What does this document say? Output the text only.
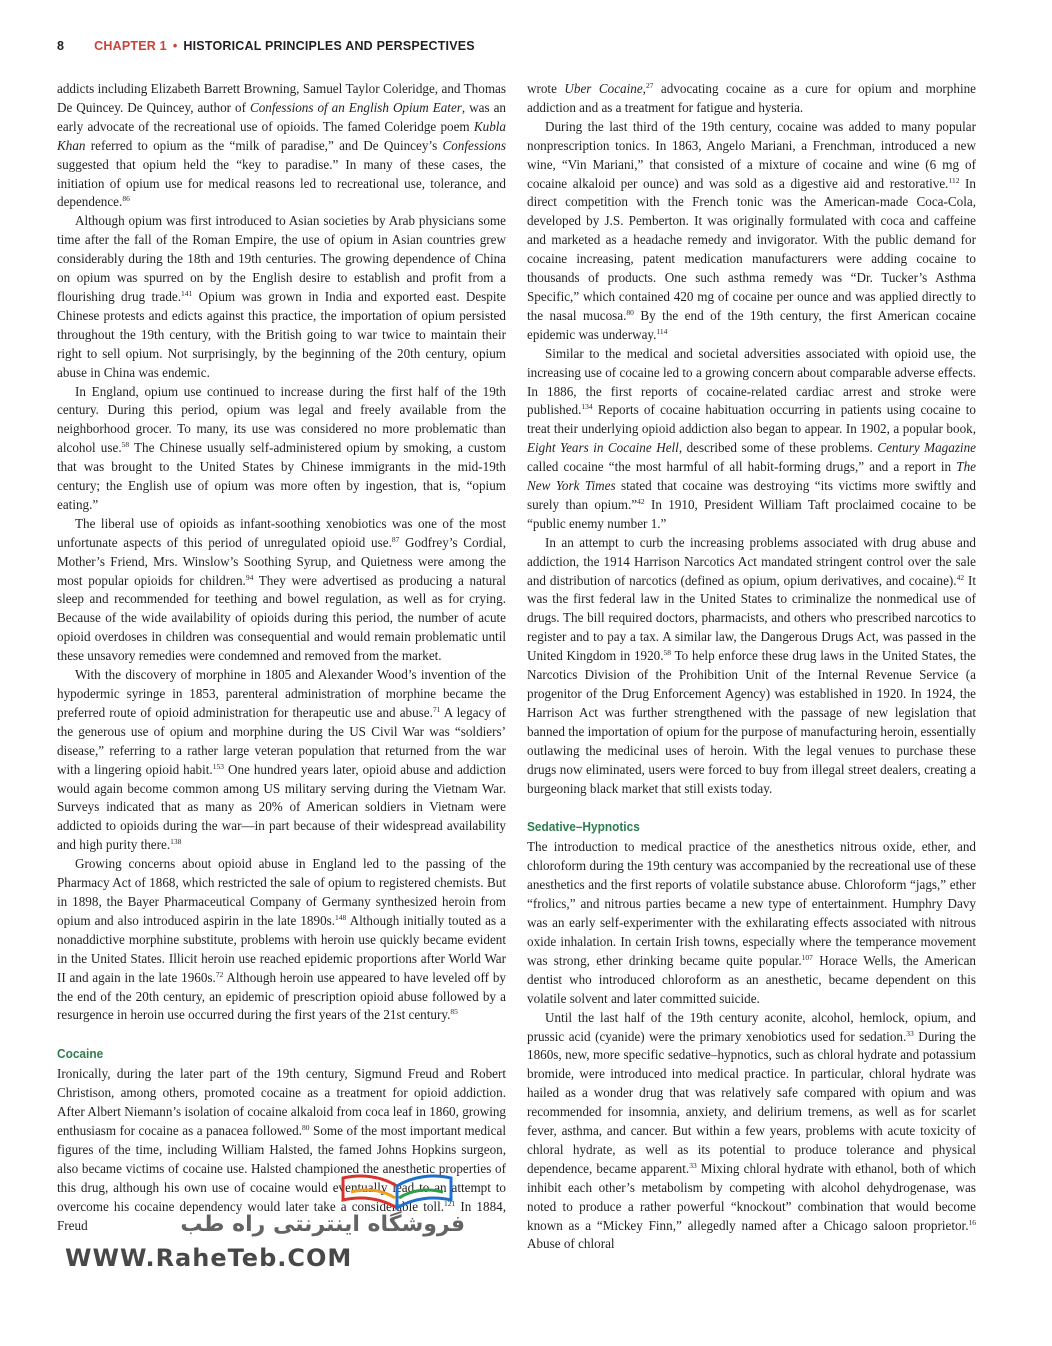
8 CHAPTER 1 • HISTORICAL PRINCIPLES AND PERSPECTIVES

addicts including Elizabeth Barrett Browning, Samuel Taylor Coleridge, and Thomas De Quincey. De Quincey, author of Confessions of an English Opium Eater, was an early advocate of the recreational use of opioids. The famed Coleridge poem Kubla Khan referred to opium as the “milk of paradise,” and De Quincey’s Confessions suggested that opium held the “key to paradise.” In many of these cases, the initiation of opium use for medical reasons led to recreational use, tolerance, and dependence.$^{86}$

Although opium was first introduced to Asian societies by Arab physicians some time after the fall of the Roman Empire, the use of opium in Asian countries grew considerably during the 18th and 19th centuries. The growing dependence of China on opium was spurred on by the English desire to establish and profit from a flourishing drug trade.$^{141}$ Opium was grown in India and exported east. Despite Chinese protests and edicts against this practice, the importation of opium persisted throughout the 19th century, with the British going to war twice to maintain their right to sell opium. Not surprisingly, by the beginning of the 20th century, opium abuse in China was endemic.

In England, opium use continued to increase during the first half of the 19th century. During this period, opium was legal and freely available from the neighborhood grocer. To many, its use was considered no more problematic than alcohol use.$^{58}$ The Chinese usually self-administered opium by smoking, a custom that was brought to the United States by Chinese immigrants in the mid-19th century; the English use of opium was more often by ingestion, that is, “opium eating.”

The liberal use of opioids as infant-soothing xenobiotics was one of the most unfortunate aspects of this period of unregulated opioid use.$^{87}$ Godfrey’s Cordial, Mother’s Friend, Mrs. Winslow’s Soothing Syrup, and Quietness were among the most popular opioids for children.$^{94}$ They were advertised as producing a natural sleep and recommended for teething and bowel regulation, as well as for crying. Because of the wide availability of opioids during this period, the number of acute opioid overdoses in children was consequential and would remain problematic until these unsavory remedies were condemned and removed from the market.

With the discovery of morphine in 1805 and Alexander Wood’s invention of the hypodermic syringe in 1853, parenteral administration of morphine became the preferred route of opioid administration for therapeutic use and abuse.$^{71}$ A legacy of the generous use of opium and morphine during the US Civil War was “soldiers’ disease,” referring to a rather large veteran population that returned from the war with a lingering opioid habit.$^{153}$ One hundred years later, opioid abuse and addiction would again become common among US military serving during the Vietnam War. Surveys indicated that as many as 20% of American soldiers in Vietnam were addicted to opioids during the war—in part because of their widespread availability and high purity there.$^{138}$

Growing concerns about opioid abuse in England led to the passing of the Pharmacy Act of 1868, which restricted the sale of opium to registered chemists. But in 1898, the Bayer Pharmaceutical Company of Germany synthesized heroin from opium and also introduced aspirin in the late 1890s.$^{148}$ Although initially touted as a nonaddictive morphine substitute, problems with heroin use quickly became evident in the United States. Illicit heroin use reached epidemic proportions after World War II and again in the late 1960s.$^{72}$ Although heroin use appeared to have leveled off by the end of the 20th century, an epidemic of prescription opioid abuse followed by a resurgence in heroin use occurred during the first years of the 21st century.$^{85}$

Cocaine

Ironically, during the later part of the 19th century, Sigmund Freud and Robert Christison, among others, promoted cocaine as a treatment for opioid addiction. After Albert Niemann’s isolation of cocaine alkaloid from coca leaf in 1860, growing enthusiasm for cocaine as a panacea followed.$^{80}$ Some of the most important medical figures of the time, including William Halsted, the famed Johns Hopkins surgeon, also became victims of cocaine use. Halsted championed the anesthetic properties of this drug, although his own use of cocaine would eventually lead to an attempt to overcome his cocaine dependency would later take a considerable toll.$^{121}$ In 1884, Freud

wrote Uber Cocaine,$^{27}$ advocating cocaine as a cure for opium and morphine addiction and as a treatment for fatigue and hysteria.

During the last third of the 19th century, cocaine was added to many popular nonprescription tonics. In 1863, Angelo Mariani, a Frenchman, introduced a new wine, “Vin Mariani,” that consisted of a mixture of cocaine and wine (6 mg of cocaine alkaloid per ounce) and was sold as a digestive aid and restorative.$^{112}$ In direct competition with the French tonic was the American-made Coca-Cola, developed by J.S. Pemberton. It was originally formulated with coca and caffeine and marketed as a headache remedy and invigorator. With the public demand for cocaine increasing, patent medication manufacturers were adding cocaine to thousands of products. One such asthma remedy was “Dr. Tucker’s Asthma Specific,” which contained 420 mg of cocaine per ounce and was applied directly to the nasal mucosa.$^{80}$ By the end of the 19th century, the first American cocaine epidemic was underway.$^{114}$

Similar to the medical and societal adversities associated with opioid use, the increasing use of cocaine led to a growing concern about comparable adverse effects. In 1886, the first reports of cocaine-related cardiac arrest and stroke were published.$^{134}$ Reports of cocaine habituation occurring in patients using cocaine to treat their underlying opioid addiction also began to appear. In 1902, a popular book, Eight Years in Cocaine Hell, described some of these problems. Century Magazine called cocaine “the most harmful of all habit-forming drugs,” and a report in The New York Times stated that cocaine was destroying “its victims more swiftly and surely than opium.”$^{42}$ In 1910, President William Taft proclaimed cocaine to be “public enemy number 1.”

In an attempt to curb the increasing problems associated with drug abuse and addiction, the 1914 Harrison Narcotics Act mandated stringent control over the sale and distribution of narcotics (defined as opium, opium derivatives, and cocaine).$^{42}$ It was the first federal law in the United States to criminalize the nonmedical use of drugs. The bill required doctors, pharmacists, and others who prescribed narcotics to register and to pay a tax. A similar law, the Dangerous Drugs Act, was passed in the United Kingdom in 1920.58 To help enforce these drug laws in the United States, the Narcotics Division of the Prohibition Unit of the Internal Revenue Service (a progenitor of the Drug Enforcement Agency) was established in 1920. In 1924, the Harrison Act was further strengthened with the passage of new legislation that banned the importation of opium for the purpose of manufacturing heroin, essentially outlawing the medicinal uses of heroin. With the legal venues to purchase these drugs now eliminated, users were forced to buy from illegal street dealers, creating a burgeoning black market that still exists today.

Sedative–Hypnotics

The introduction to medical practice of the anesthetics nitrous oxide, ether, and chloroform during the 19th century was accompanied by the recreational use of these anesthetics and the first reports of volatile substance abuse. Chloroform “jags,” ether “frolics,” and nitrous parties became a new type of entertainment. Humphry Davy was an early self-experimenter with the exhilarating effects associated with nitrous oxide inhalation. In certain Irish towns, especially where the temperance movement was strong, ether drinking became quite popular.$^{107}$ Horace Wells, the American dentist who introduced chloroform as an anesthetic, became dependent on this volatile solvent and later committed suicide.

Until the last half of the 19th century aconite, alcohol, hemlock, opium, and prussic acid (cyanide) were the primary xenobiotics used for sedation.$^{33}$ During the 1860s, new, more specific sedative–hypnotics, such as chloral hydrate and potassium bromide, were introduced into medical practice. In particular, chloral hydrate was hailed as a wonder drug that was relatively safe compared with opium and was recommended for insomnia, anxiety, and delirium tremens, as well as for scarlet fever, asthma, and cancer. But within a few years, problems with acute toxicity of chloral hydrate, as well as its potential to produce tolerance and physical dependence, became apparent.$^{33}$ Mixing chloral hydrate with ethanol, both of which inhibit each other’s metabolism by competing with alcohol dehydrogenase, was noted to produce a rather powerful “knockout” combination that would become known as a “Mickey Finn,” allegedly named after a Chicago saloon proprietor.$^{16}$ Abuse of chloral

فروشگاه اینترنتی راه طب
WWW.RaheTeb.COM
